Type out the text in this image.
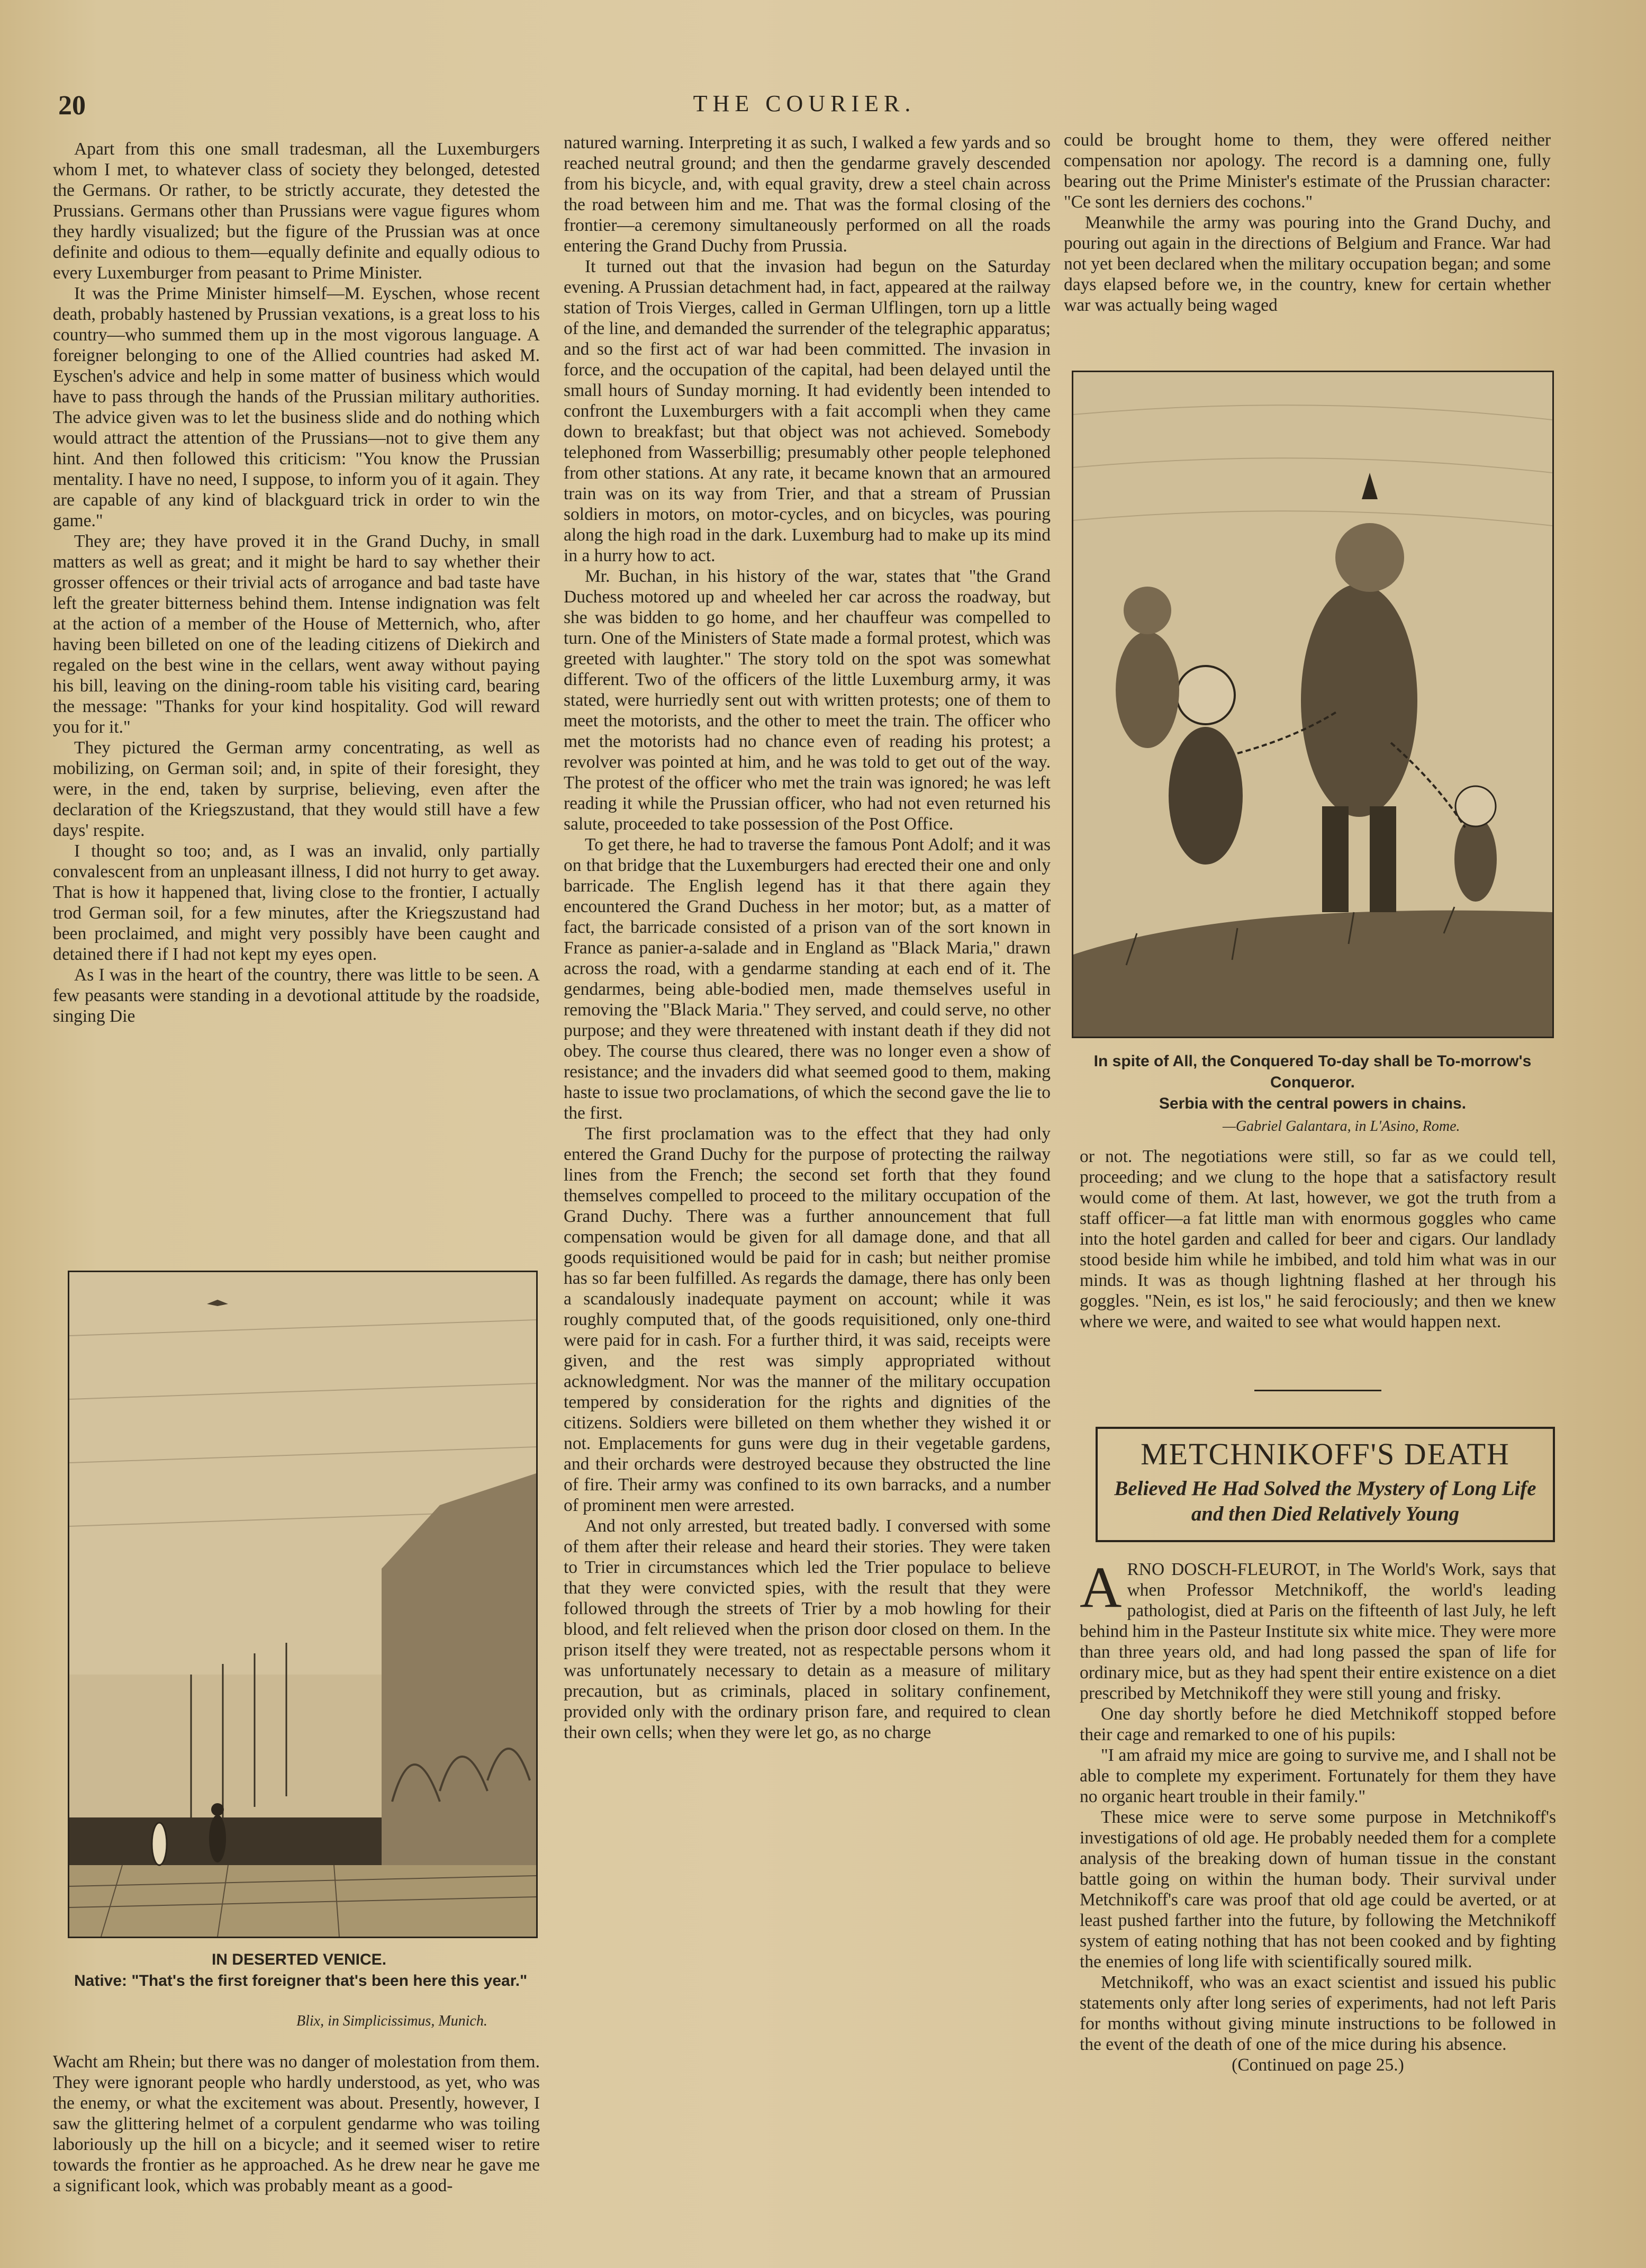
20	THE COURIER.

Apart from this one small tradesman, all the Luxemburgers whom I met, to whatever class of society they belonged, detested the Germans. Or rather, to be strictly accurate, they detested the Prussians. Germans other than Prussians were vague figures whom they hardly visualized; but the figure of the Prussian was at once definite and odious to them—equally definite and equally odious to every Luxemburger from peasant to Prime Minister.

It was the Prime Minister himself—M. Eyschen, whose recent death, probably hastened by Prussian vexations, is a great loss to his country—who summed them up in the most vigorous language. A foreigner belonging to one of the Allied countries had asked M. Eyschen's advice and help in some matter of business which would have to pass through the hands of the Prussian military authorities. The advice given was to let the business slide and do nothing which would attract the attention of the Prussians—not to give them any hint. And then followed this criticism: "You know the Prussian mentality. I have no need, I suppose, to inform you of it again. They are capable of any kind of blackguard trick in order to win the game."

They are; they have proved it in the Grand Duchy, in small matters as well as great; and it might be hard to say whether their grosser offences or their trivial acts of arrogance and bad taste have left the greater bitterness behind them. Intense indignation was felt at the action of a member of the House of Metternich, who, after having been billeted on one of the leading citizens of Diekirch and regaled on the best wine in the cellars, went away without paying his bill, leaving on the dining-room table his visiting card, bearing the message: "Thanks for your kind hospitality. God will reward you for it."

They pictured the German army concentrating, as well as mobilizing, on German soil; and, in spite of their foresight, they were, in the end, taken by surprise, believing, even after the declaration of the Kriegszustand, that they would still have a few days' respite.

I thought so too; and, as I was an invalid, only partially convalescent from an unpleasant illness, I did not hurry to get away. That is how it happened that, living close to the frontier, I actually trod German soil, for a few minutes, after the Kriegszustand had been proclaimed, and might very possibly have been caught and detained there if I had not kept my eyes open.

As I was in the heart of the country, there was little to be seen. A few peasants were standing in a devotional attitude by the roadside, singing Die

IN DESERTED VENICE.
Native: "That's the first foreigner that's been here this year."
Blix, in Simplicissimus, Munich.

Wacht am Rhein; but there was no danger of molestation from them. They were ignorant people who hardly understood, as yet, who was the enemy, or what the excitement was about. Presently, however, I saw the glittering helmet of a corpulent gendarme who was toiling laboriously up the hill on a bicycle; and it seemed wiser to retire towards the frontier as he approached. As he drew near he gave me a significant look, which was probably meant as a good-

natured warning. Interpreting it as such, I walked a few yards and so reached neutral ground; and then the gendarme gravely descended from his bicycle, and, with equal gravity, drew a steel chain across the road between him and me. That was the formal closing of the frontier—a ceremony simultaneously performed on all the roads entering the Grand Duchy from Prussia.

It turned out that the invasion had begun on the Saturday evening. A Prussian detachment had, in fact, appeared at the railway station of Trois Vierges, called in German Ulflingen, torn up a little of the line, and demanded the surrender of the telegraphic apparatus; and so the first act of war had been committed. The invasion in force, and the occupation of the capital, had been delayed until the small hours of Sunday morning. It had evidently been intended to confront the Luxemburgers with a fait accompli when they came down to breakfast; but that object was not achieved. Somebody telephoned from Wasserbillig; presumably other people telephoned from other stations. At any rate, it became known that an armoured train was on its way from Trier, and that a stream of Prussian soldiers in motors, on motor-cycles, and on bicycles, was pouring along the high road in the dark. Luxemburg had to make up its mind in a hurry how to act.

Mr. Buchan, in his history of the war, states that "the Grand Duchess motored up and wheeled her car across the roadway, but she was bidden to go home, and her chauffeur was compelled to turn. One of the Ministers of State made a formal protest, which was greeted with laughter." The story told on the spot was somewhat different. Two of the officers of the little Luxemburg army, it was stated, were hurriedly sent out with written protests; one of them to meet the motorists, and the other to meet the train. The officer who met the motorists had no chance even of reading his protest; a revolver was pointed at him, and he was told to get out of the way. The protest of the officer who met the train was ignored; he was left reading it while the Prussian officer, who had not even returned his salute, proceeded to take possession of the Post Office.

To get there, he had to traverse the famous Pont Adolf; and it was on that bridge that the Luxemburgers had erected their one and only barricade. The English legend has it that there again they encountered the Grand Duchess in her motor; but, as a matter of fact, the barricade consisted of a prison van of the sort known in France as panier-a-salade and in England as "Black Maria," drawn across the road, with a gendarme standing at each end of it. The gendarmes, being able-bodied men, made themselves useful in removing the "Black Maria." They served, and could serve, no other purpose; and they were threatened with instant death if they did not obey. The course thus cleared, there was no longer even a show of resistance; and the invaders did what seemed good to them, making haste to issue two proclamations, of which the second gave the lie to the first.

The first proclamation was to the effect that they had only entered the Grand Duchy for the purpose of protecting the railway lines from the French; the second set forth that they found themselves compelled to proceed to the military occupation of the Grand Duchy. There was a further announcement that full compensation would be given for all damage done, and that all goods requisitioned would be paid for in cash; but neither promise has so far been fulfilled. As regards the damage, there has only been a scandalously inadequate payment on account; while it was roughly computed that, of the goods requisitioned, only one-third were paid for in cash. For a further third, it was said, receipts were given, and the rest was simply appropriated without acknowledgment. Nor was the manner of the military occupation tempered by consideration for the rights and dignities of the citizens. Soldiers were billeted on them whether they wished it or not. Emplacements for guns were dug in their vegetable gardens, and their orchards were destroyed because they obstructed the line of fire. Their army was confined to its own barracks, and a number of prominent men were arrested.

And not only arrested, but treated badly. I conversed with some of them after their release and heard their stories. They were taken to Trier in circumstances which led the Trier populace to believe that they were convicted spies, with the result that they were followed through the streets of Trier by a mob howling for their blood, and felt relieved when the prison door closed on them. In the prison itself they were treated, not as respectable persons whom it was unfortunately necessary to detain as a measure of military precaution, but as criminals, placed in solitary confinement, provided only with the ordinary prison fare, and required to clean their own cells; when they were let go, as no charge

could be brought home to them, they were offered neither compensation nor apology. The record is a damning one, fully bearing out the Prime Minister's estimate of the Prussian character: "Ce sont les derniers des cochons."

Meanwhile the army was pouring into the Grand Duchy, and pouring out again in the directions of Belgium and France. War had not yet been declared when the military occupation began; and some days elapsed before we, in the country, knew for certain whether war was actually being waged

In spite of All, the Conquered To-day shall be To-morrow's Conqueror.
Serbia with the central powers in chains.
—Gabriel Galantara, in L'Asino, Rome.

or not. The negotiations were still, so far as we could tell, proceeding; and we clung to the hope that a satisfactory result would come of them. At last, however, we got the truth from a staff officer—a fat little man with enormous goggles who came into the hotel garden and called for beer and cigars. Our landlady stood beside him while he imbibed, and told him what was in our minds. It was as though lightning flashed at her through his goggles. "Nein, es ist los," he said ferociously; and then we knew where we were, and waited to see what would happen next.

METCHNIKOFF'S DEATH
Believed He Had Solved the Mystery of Long Life and then Died Relatively Young

ARNO DOSCH-FLEUROT, in The World's Work, says that when Professor Metchnikoff, the world's leading pathologist, died at Paris on the fifteenth of last July, he left behind him in the Pasteur Institute six white mice. They were more than three years old, and had long passed the span of life for ordinary mice, but as they had spent their entire existence on a diet prescribed by Metchnikoff they were still young and frisky.

One day shortly before he died Metchnikoff stopped before their cage and remarked to one of his pupils:

"I am afraid my mice are going to survive me, and I shall not be able to complete my experiment. Fortunately for them they have no organic heart trouble in their family."

These mice were to serve some purpose in Metchnikoff's investigations of old age. He probably needed them for a complete analysis of the breaking down of human tissue in the constant battle going on within the human body. Their survival under Metchnikoff's care was proof that old age could be averted, or at least pushed farther into the future, by following the Metchnikoff system of eating nothing that has not been cooked and by fighting the enemies of long life with scientifically soured milk.

Metchnikoff, who was an exact scientist and issued his public statements only after long series of experiments, had not left Paris for months without giving minute instructions to be followed in the event of the death of one of the mice during his absence.

(Continued on page 25.)
